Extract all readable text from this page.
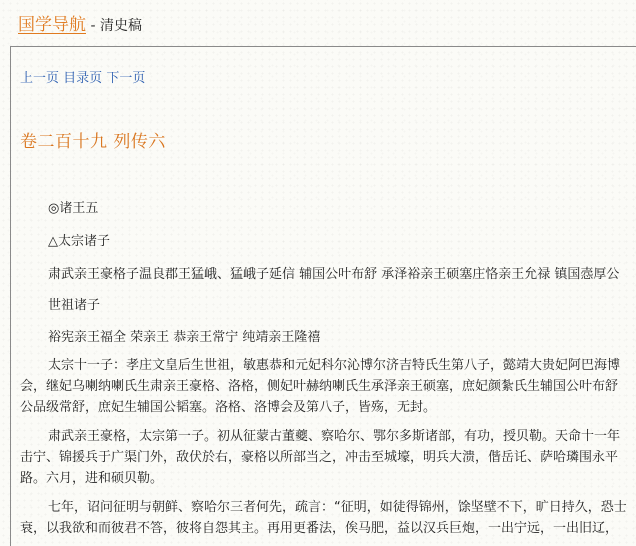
国学导航 - 清史稿
上一页 目录页 下一页
卷二百十九 列传六
◎诸王五
△太宗诸子
肃武亲王豪格子温良郡王猛峨、猛峨子延信 辅国公叶布舒 承泽裕亲王硕塞庄恪亲王允禄 镇国悫厚公
世祖诸子
裕宪亲王福全 荣亲王 恭亲王常宁 纯靖亲王隆禧
太宗十一子：孝庄文皇后生世祖，敏惠恭和元妃科尔沁博尔济吉特氏生第八子，懿靖大贵妃阿巴海博
会，继妃乌喇纳喇氏生肃亲王豪格、洛格，侧妃叶赫纳喇氏生承泽亲王硕塞，庶妃颜紮氏生辅国公叶布舒
公品级常舒，庶妃生辅国公韬塞。洛格、洛博会及第八子，皆殇，无封。
肃武亲王豪格，太宗第一子。初从征蒙古董夔、察哈尔、鄂尔多斯诸部，有功，授贝勒。天命十一年
击宁、锦援兵于广渠门外，敌伏於右，豪格以所部当之，冲击至城壕，明兵大溃，偕岳讬、萨哈璘围永平
路。六月，进和硕贝勒。
七年，诏问征明与朝鲜、察哈尔三者何先，疏言：“征明，如徒得锦州，馀坚壁不下，旷日持久，恐士
衰，以我欲和而彼君不答，彼将自怨其主。再用更番法，俟马肥，益以汉兵巨炮，一出宁远，一出旧辽，
